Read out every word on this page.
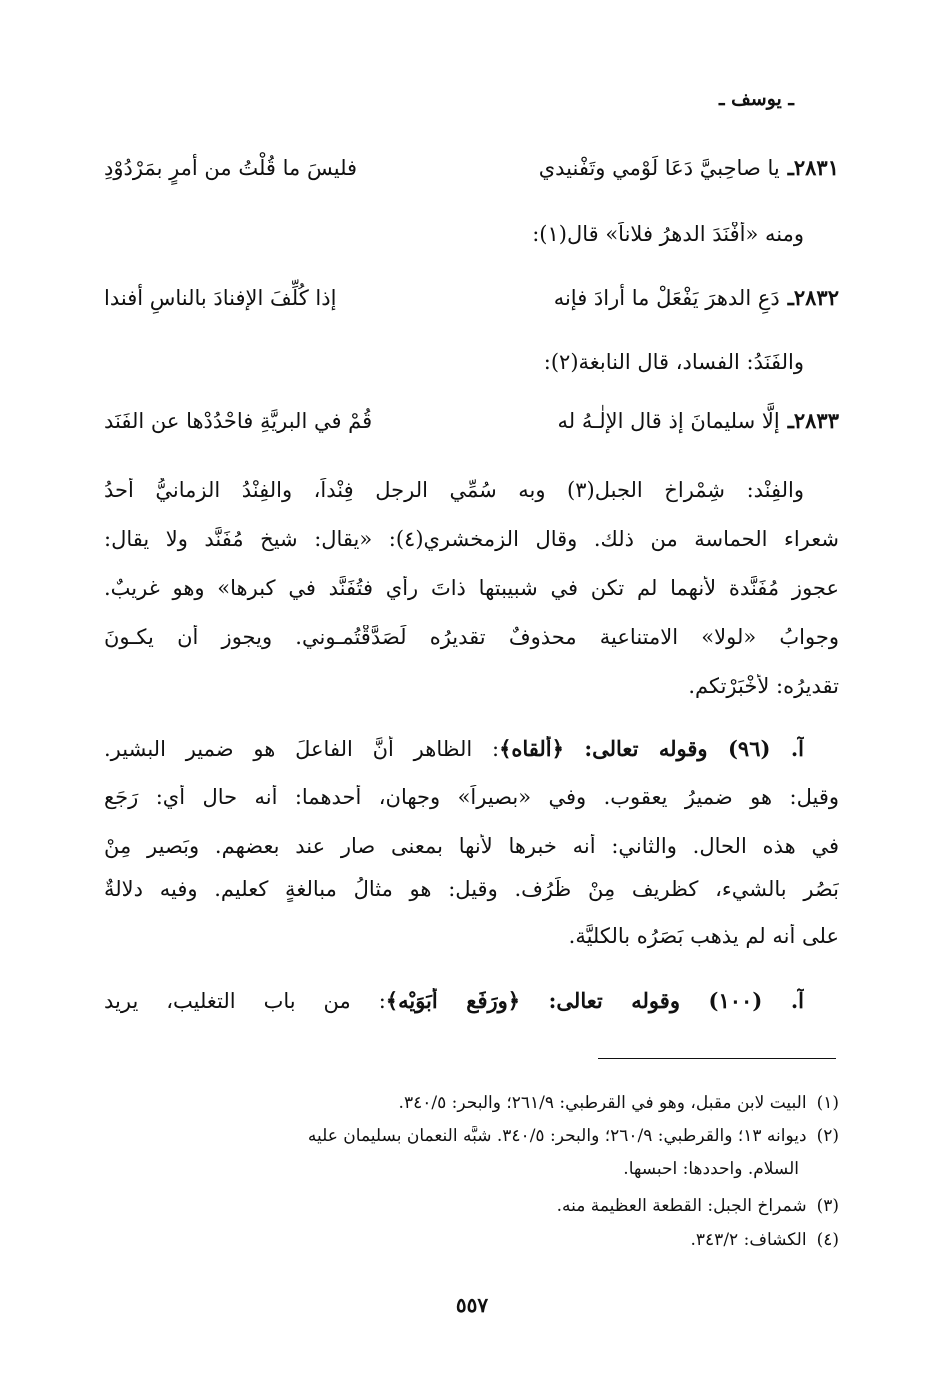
ـ يوسف ـ
٢٨٣١ـ
يا صاحِبيَّ دَعَا لَوْمي وتَفْنيدي
فليسَ ما قُلْتُ من أمرٍ بمَرْدُوْدِ
ومنه «أَفْنَدَ الدهرُ فلاناً» قال(١):
٢٨٣٢ـ
دَعِ الدهرَ يَفْعَلْ ما أرادَ فإنه
إذا كُلِّفَ الإفنادَ بالناسِ أفندا
والفَنَدُ: الفساد، قال النابغة(٢):
٢٨٣٣ـ
إلَّا سليمانَ إذ قال الإلٰـهُ له
قُمْ في البريَّةِ فاحْدُدْها عن الفَنَد
والفِنْد: شِمْراخ الجبل(٣) وبه سُمِّي الرجل فِنْداً، والفِنْدُ الزمانيُّ أحدُ
شعراء الحماسة من ذلك. وقال الزمخشري(٤): «يقال: شيخ مُفَنَّد ولا يقال:
عجوز مُفَنَّدة لأنهما لم تكن في شبيبتها ذاتَ رأي فتُفَنَّد في كبرها» وهو غريبٌ.
وجوابُ «لولا» الامتناعية محذوفٌ تقديرُه لَصَدَّقْتُمـوني. ويجوز أن يكـونَ
تقديرُه: لأَخْبَرْتكم.
آ. (٩٦) وقوله تعالى: ﴿أَلقاه﴾: الظاهر أنَّ الفاعلَ هو ضمير البشير.
وقيل: هو ضميرُ يعقوب. وفي «بصيراً» وجهان، أحدهما: أنه حال أي: رَجَع
في هذه الحال. والثاني: أنه خبرها لأنها بمعنى صار عند بعضهم. وبَصير مِنْ
بَصُر بالشيء، كظريف مِنْ ظَرُف. وقيل: هو مثالُ مبالغةٍ كعليم. وفيه دلالةٌ
على أنه لم يذهب بَصَرُه بالكليَّة.
آ. (١٠٠) وقوله تعالى: ﴿ورَفَع أَبَوَيْه﴾: من باب التغليب، يريد
(١)البيت لابن مقبل، وهو في القرطبي: ٢٦١/٩؛ والبحر: ٣٤٠/٥.
(٢)ديوانه ١٣؛ والقرطبي: ٢٦٠/٩؛ والبحر: ٣٤٠/٥. شبَّه النعمان بسليمان عليه
السلام. واحددها: احبسها.
(٣)شمراخ الجبل: القطعة العظيمة منه.
(٤)الكشاف: ٣٤٣/٢.
٥٥٧
